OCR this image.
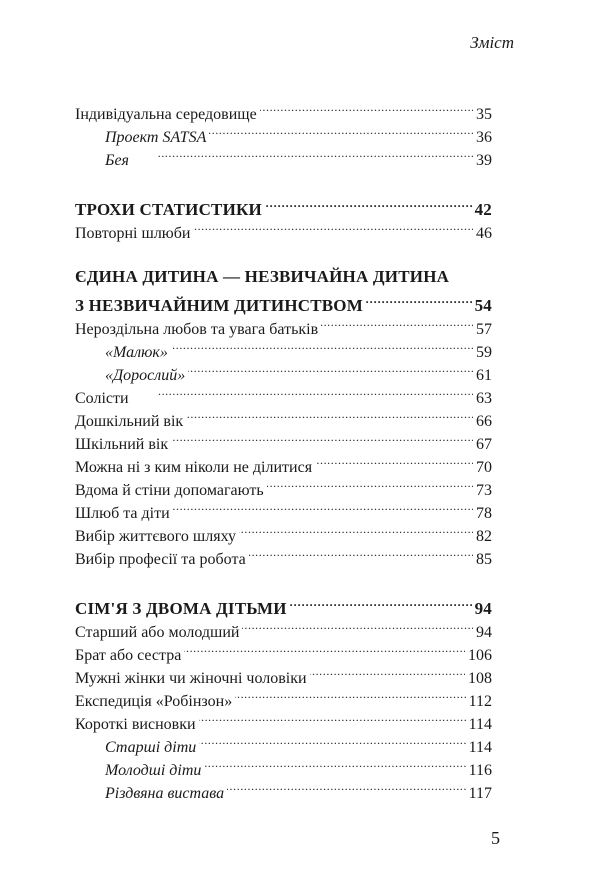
Зміст
Індивідуальна середовище . . .	35
Проект SATSA . . .	36
Бея . . .	39
ТРОХИ СТАТИСТИКИ . . .	42
Повторні шлюби . . .	46
ЄДИНА ДИТИНА — НЕЗВИЧАЙНА ДИТИНА
З НЕЗВИЧАЙНИМ ДИТИНСТВОМ . . .	54
Нероздільна любов та увага батьків . . .	57
«Малюк» . . .	59
«Дорослий» . . .	61
Солісти . . .	63
Дошкільний вік . . .	66
Шкільний вік . . .	67
Можна ні з ким ніколи не ділитися . . .	70
Вдома й стіни допомагають . . .	73
Шлюб та діти . . .	78
Вибір життєвого шляху . . .	82
Вибір професії та робота . . .	85
СІМ'Я З ДВОМА ДІТЬМИ . . .	94
Старший або молодший . . .	94
Брат або сестра . . .	106
Мужні жінки чи жіночні чоловіки . . .	108
Експедиція «Робінзон» . . .	112
Короткі висновки . . .	114
Старші діти . . .	114
Молодші діти . . .	116
Різдвяна вистава . . .	117
5
